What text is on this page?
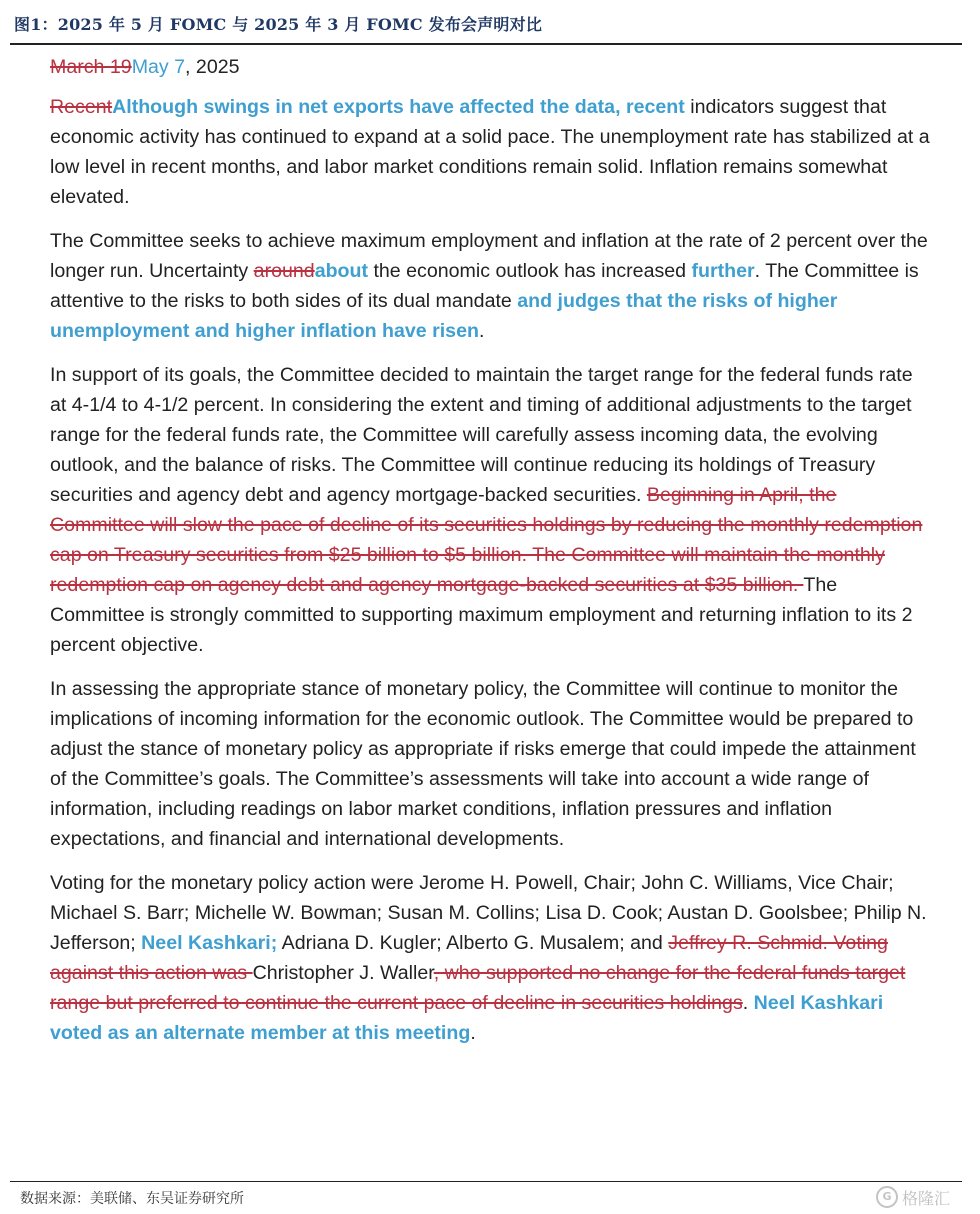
图1：2025 年 5 月 FOMC 与 2025 年 3 月 FOMC 发布会声明对比

March 19May 7, 2025

RecentAlthough swings in net exports have affected the data, recent indicators suggest that economic activity has continued to expand at a solid pace. The unemployment rate has stabilized at a low level in recent months, and labor market conditions remain solid. Inflation remains somewhat elevated.

The Committee seeks to achieve maximum employment and inflation at the rate of 2 percent over the longer run. Uncertainty aroundabout the economic outlook has increased further. The Committee is attentive to the risks to both sides of its dual mandate and judges that the risks of higher unemployment and higher inflation have risen.

In support of its goals, the Committee decided to maintain the target range for the federal funds rate at 4-1/4 to 4-1/2 percent. In considering the extent and timing of additional adjustments to the target range for the federal funds rate, the Committee will carefully assess incoming data, the evolving outlook, and the balance of risks. The Committee will continue reducing its holdings of Treasury securities and agency debt and agency mortgage-backed securities. Beginning in April, the Committee will slow the pace of decline of its securities holdings by reducing the monthly redemption cap on Treasury securities from $25 billion to $5 billion. The Committee will maintain the monthly redemption cap on agency debt and agency mortgage-backed securities at $35 billion. The Committee is strongly committed to supporting maximum employment and returning inflation to its 2 percent objective.

In assessing the appropriate stance of monetary policy, the Committee will continue to monitor the implications of incoming information for the economic outlook. The Committee would be prepared to adjust the stance of monetary policy as appropriate if risks emerge that could impede the attainment of the Committee’s goals. The Committee’s assessments will take into account a wide range of information, including readings on labor market conditions, inflation pressures and inflation expectations, and financial and international developments.

Voting for the monetary policy action were Jerome H. Powell, Chair; John C. Williams, Vice Chair; Michael S. Barr; Michelle W. Bowman; Susan M. Collins; Lisa D. Cook; Austan D. Goolsbee; Philip N. Jefferson; Neel Kashkari; Adriana D. Kugler; Alberto G. Musalem; and Jeffrey R. Schmid. Voting against this action was Christopher J. Waller, who supported no change for the federal funds target range but preferred to continue the current pace of decline in securities holdings. Neel Kashkari voted as an alternate member at this meeting.

数据来源：美联储、东吴证券研究所	G 格隆汇
